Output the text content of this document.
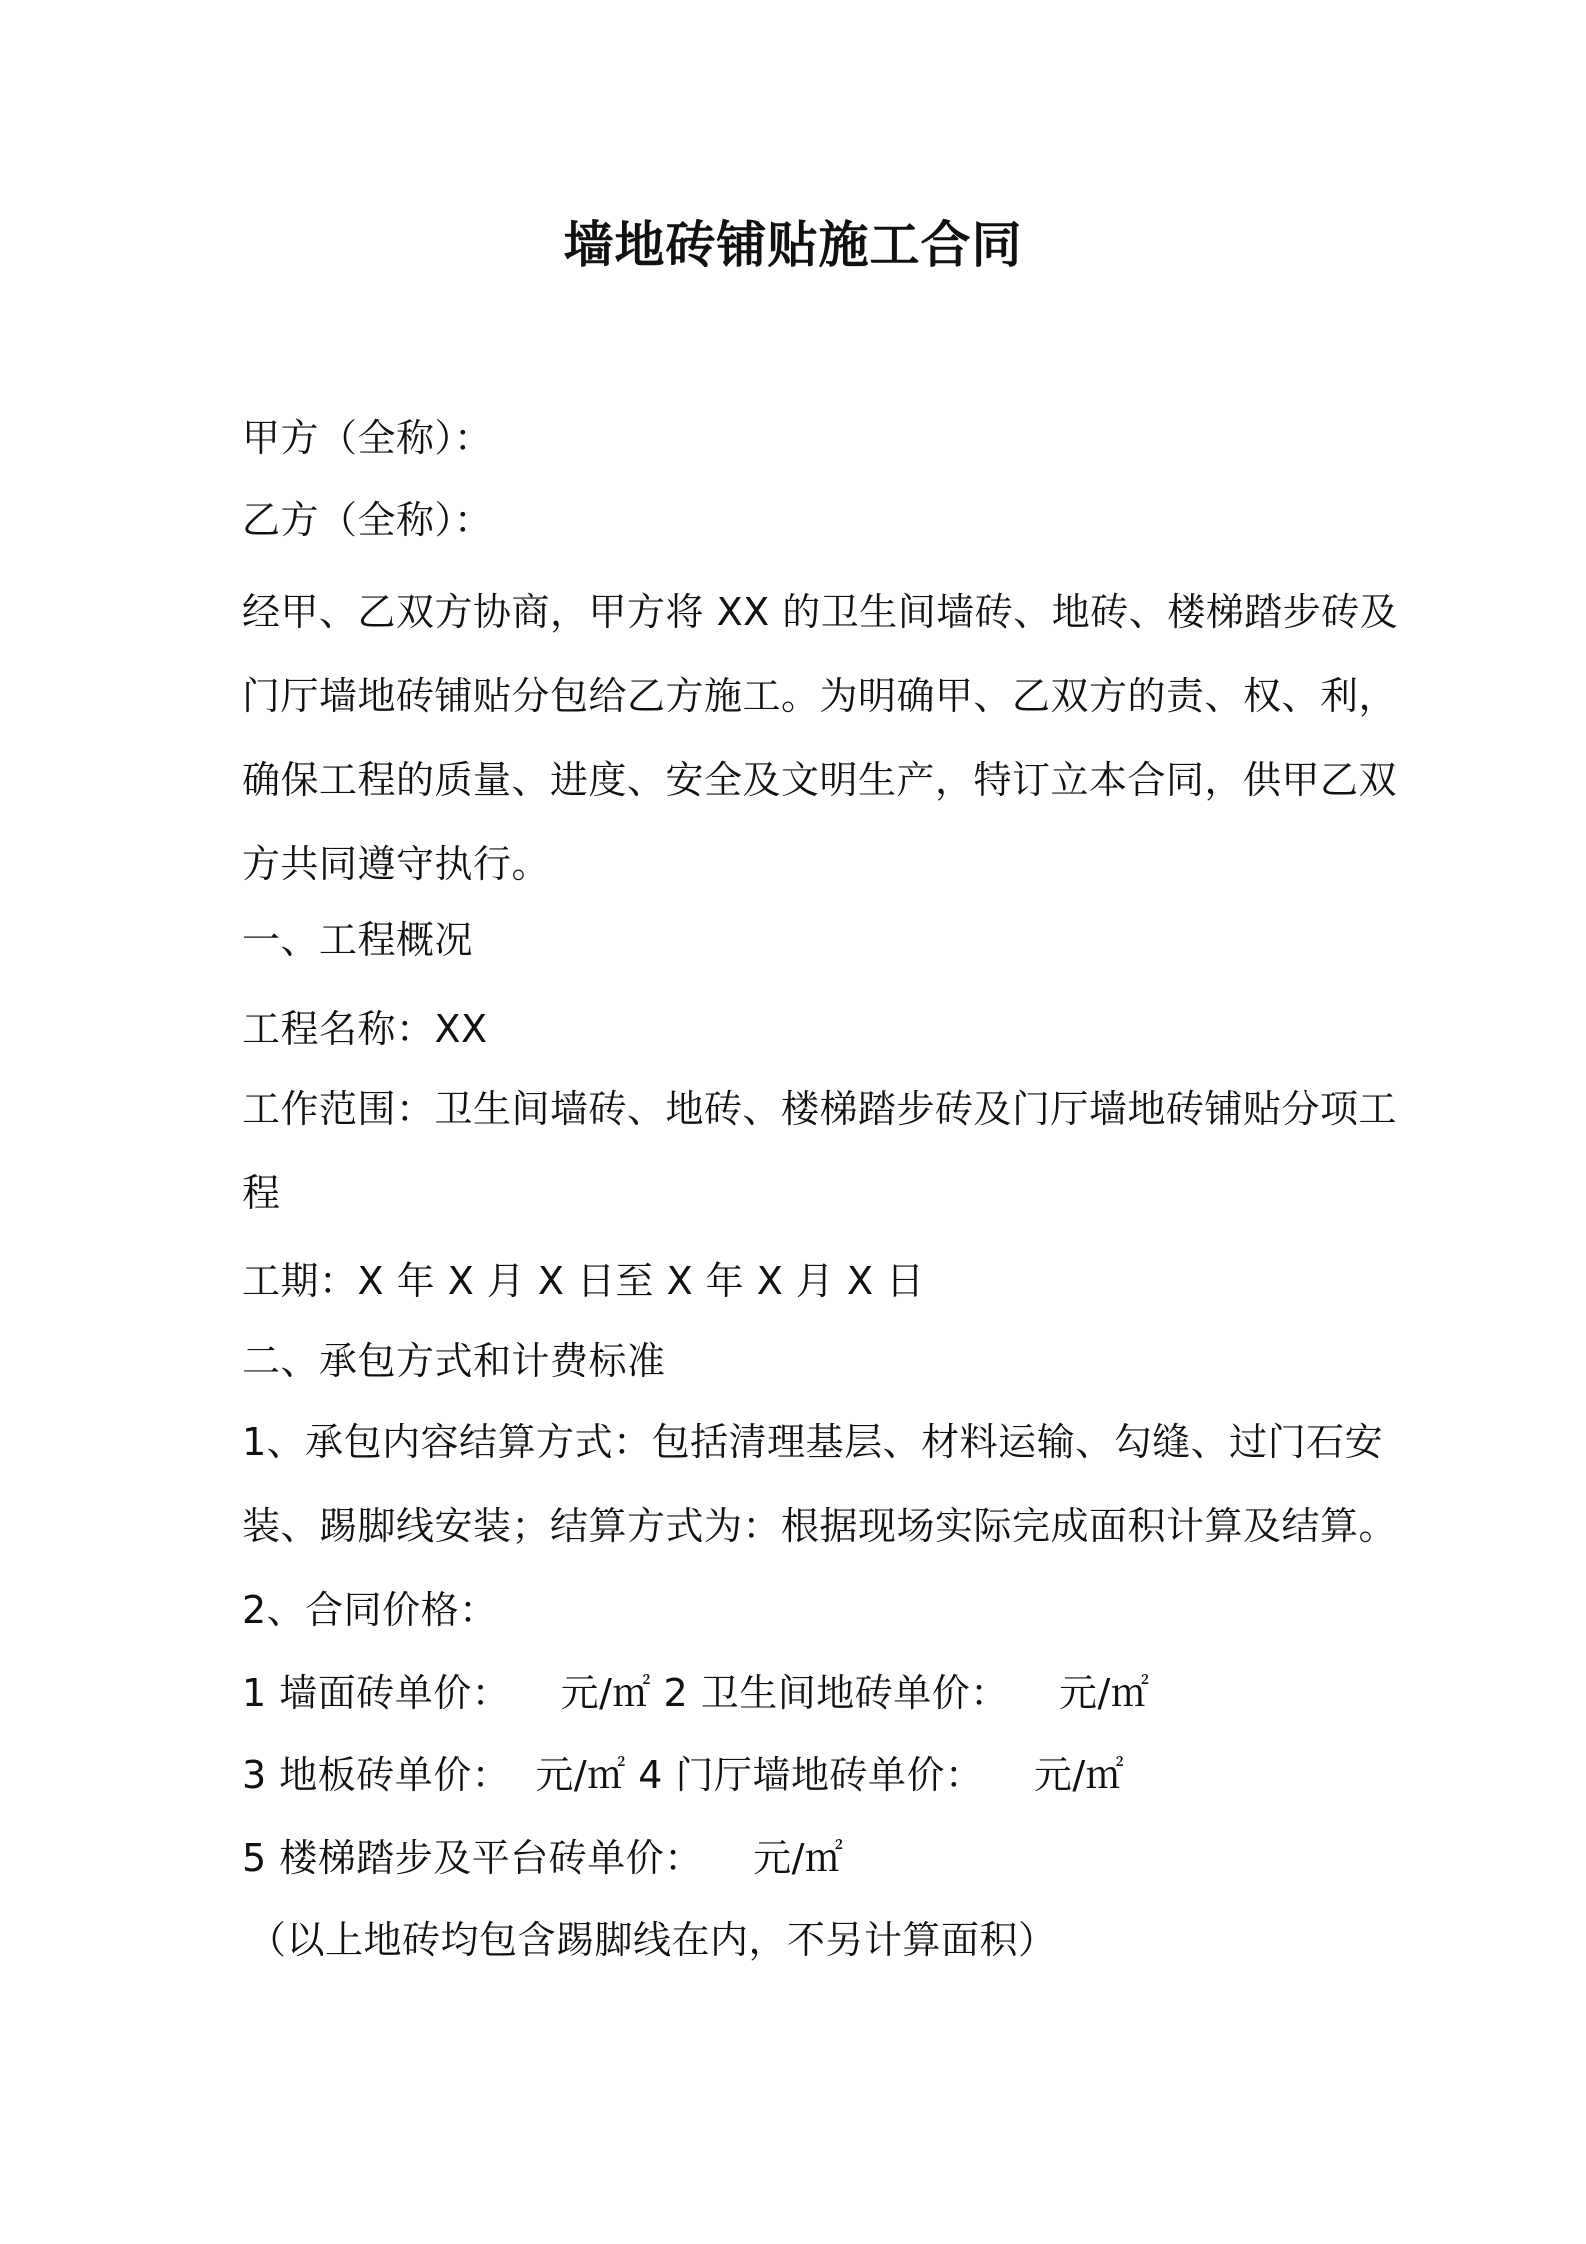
墙地砖铺贴施工合同
甲方（全称）：
乙方（全称）：
经甲、乙双方协商，甲方将 XX 的卫生间墙砖、地砖、楼梯踏步砖及
门厅墙地砖铺贴分包给乙方施工。为明确甲、乙双方的责、权、利，
确保工程的质量、进度、安全及文明生产，特订立本合同，供甲乙双
方共同遵守执行。
一、工程概况
工程名称：XX
工作范围：卫生间墙砖、地砖、楼梯踏步砖及门厅墙地砖铺贴分项工
程
工期：X 年 X 月 X 日至 X 年 X 月 X 日
二、承包方式和计费标准
1、承包内容结算方式：包括清理基层、材料运输、勾缝、过门石安
装、踢脚线安装；结算方式为：根据现场实际完成面积计算及结算。
2、合同价格：
1 墙面砖单价：    元/㎡ 2 卫生间地砖单价：    元/㎡
3 地板砖单价：  元/㎡ 4 门厅墙地砖单价：    元/㎡
5 楼梯踏步及平台砖单价：    元/㎡
（以上地砖均包含踢脚线在内，不另计算面积）
